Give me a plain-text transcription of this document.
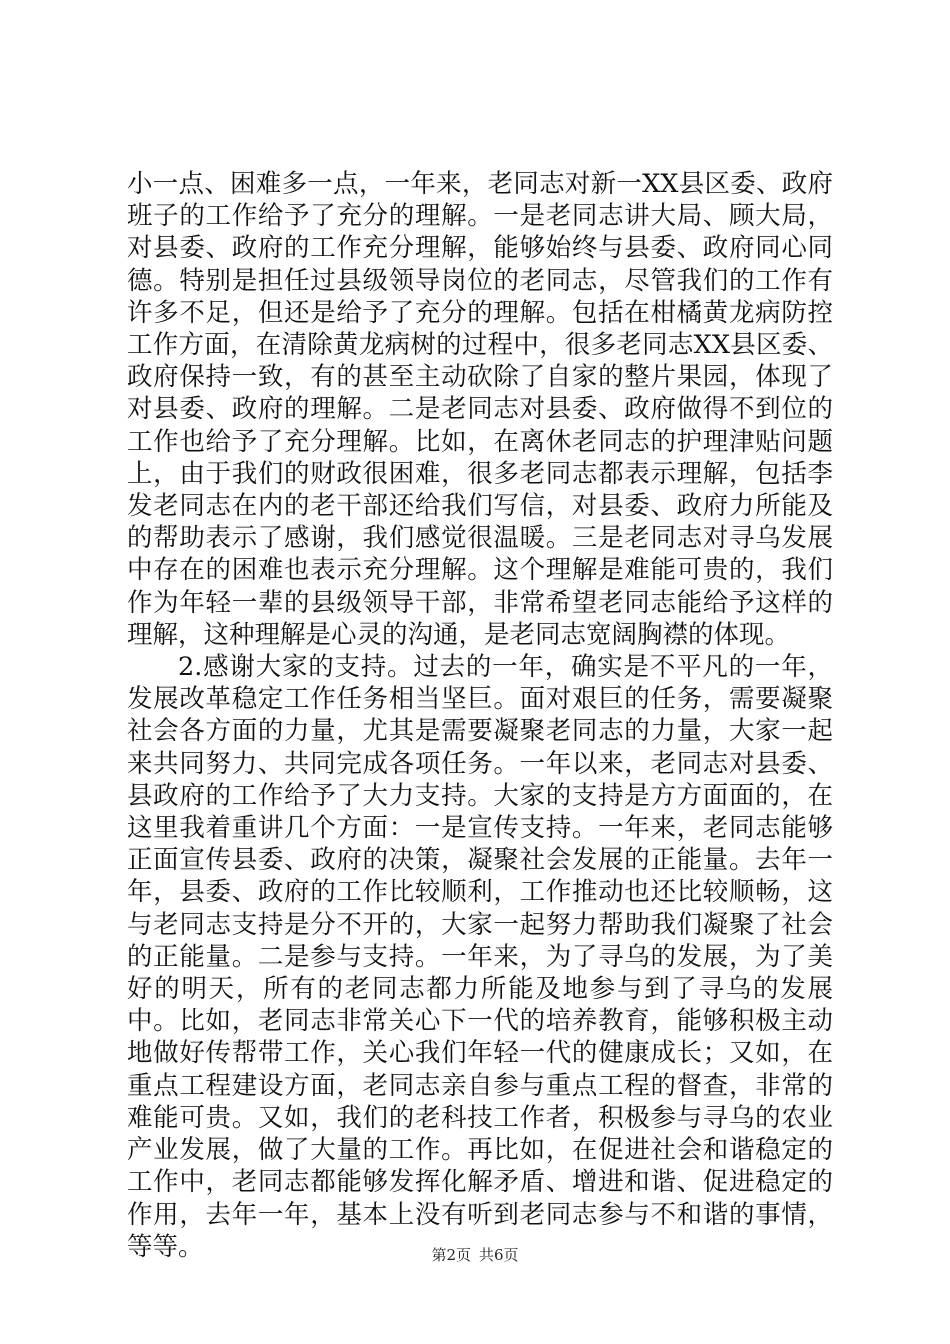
小一点、困难多一点，一年来，老同志对新一XX县区委、政府班子的工作给予了充分的理解。一是老同志讲大局、顾大局，对县委、政府的工作充分理解，能够始终与县委、政府同心同德。特别是担任过县级领导岗位的老同志，尽管我们的工作有许多不足，但还是给予了充分的理解。包括在柑橘黄龙病防控工作方面，在清除黄龙病树的过程中，很多老同志XX县区委、政府保持一致，有的甚至主动砍除了自家的整片果园，体现了对县委、政府的理解。二是老同志对县委、政府做得不到位的工作也给予了充分理解。比如，在离休老同志的护理津贴问题上，由于我们的财政很困难，很多老同志都表示理解，包括李发老同志在内的老干部还给我们写信，对县委、政府力所能及的帮助表示了感谢，我们感觉很温暖。三是老同志对寻乌发展中存在的困难也表示充分理解。这个理解是难能可贵的，我们作为年轻一辈的县级领导干部，非常希望老同志能给予这样的理解，这种理解是心灵的沟通，是老同志宽阔胸襟的体现。

2.感谢大家的支持。过去的一年，确实是不平凡的一年，发展改革稳定工作任务相当坚巨。面对艰巨的任务，需要凝聚社会各方面的力量，尤其是需要凝聚老同志的力量，大家一起来共同努力、共同完成各项任务。一年以来，老同志对县委、县政府的工作给予了大力支持。大家的支持是方方面面的，在这里我着重讲几个方面：一是宣传支持。一年来，老同志能够正面宣传县委、政府的决策，凝聚社会发展的正能量。去年一年，县委、政府的工作比较顺利，工作推动也还比较顺畅，这与老同志支持是分不开的，大家一起努力帮助我们凝聚了社会的正能量。二是参与支持。一年来，为了寻乌的发展，为了美好的明天，所有的老同志都力所能及地参与到了寻乌的发展中。比如，老同志非常关心下一代的培养教育，能够积极主动地做好传帮带工作，关心我们年轻一代的健康成长；又如，在重点工程建设方面，老同志亲自参与重点工程的督查，非常的难能可贵。又如，我们的老科技工作者，积极参与寻乌的农业产业发展，做了大量的工作。再比如，在促进社会和谐稳定的工作中，老同志都能够发挥化解矛盾、增进和谐、促进稳定的作用，去年一年，基本上没有听到老同志参与不和谐的事情，等等。	第2页 共6页
